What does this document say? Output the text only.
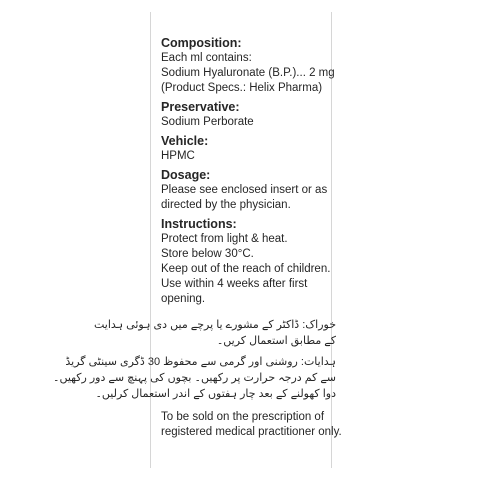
Composition:

Each ml contains:

Sodium Hyaluronate (B.P.)... 2 mg

(Product Specs.: Helix Pharma)

Preservative:

Sodium Perborate

Vehicle:

HPMC

Dosage:

Please see enclosed insert or as

directed by the physician.

Instructions:

Protect from light & heat.

Store below 30°C.

Keep out of the reach of children.

Use within 4 weeks after first

opening.

خوراک: ڈاکٹر کے مشورے یا پرچے میں دی ہوئی ہدایت

کے مطابق استعمال کریں۔

ہدایات: روشنی اور گرمی سے محفوظ 30 ڈگری سینٹی گریڈ

سے کم درجہ حرارت پر رکھیں۔ بچوں کی پہنچ سے دور رکھیں۔

دوا کھولنے کے بعد چار ہفتوں کے اندر استعمال کرلیں۔

To be sold on the prescription of

registered medical practitioner only.
